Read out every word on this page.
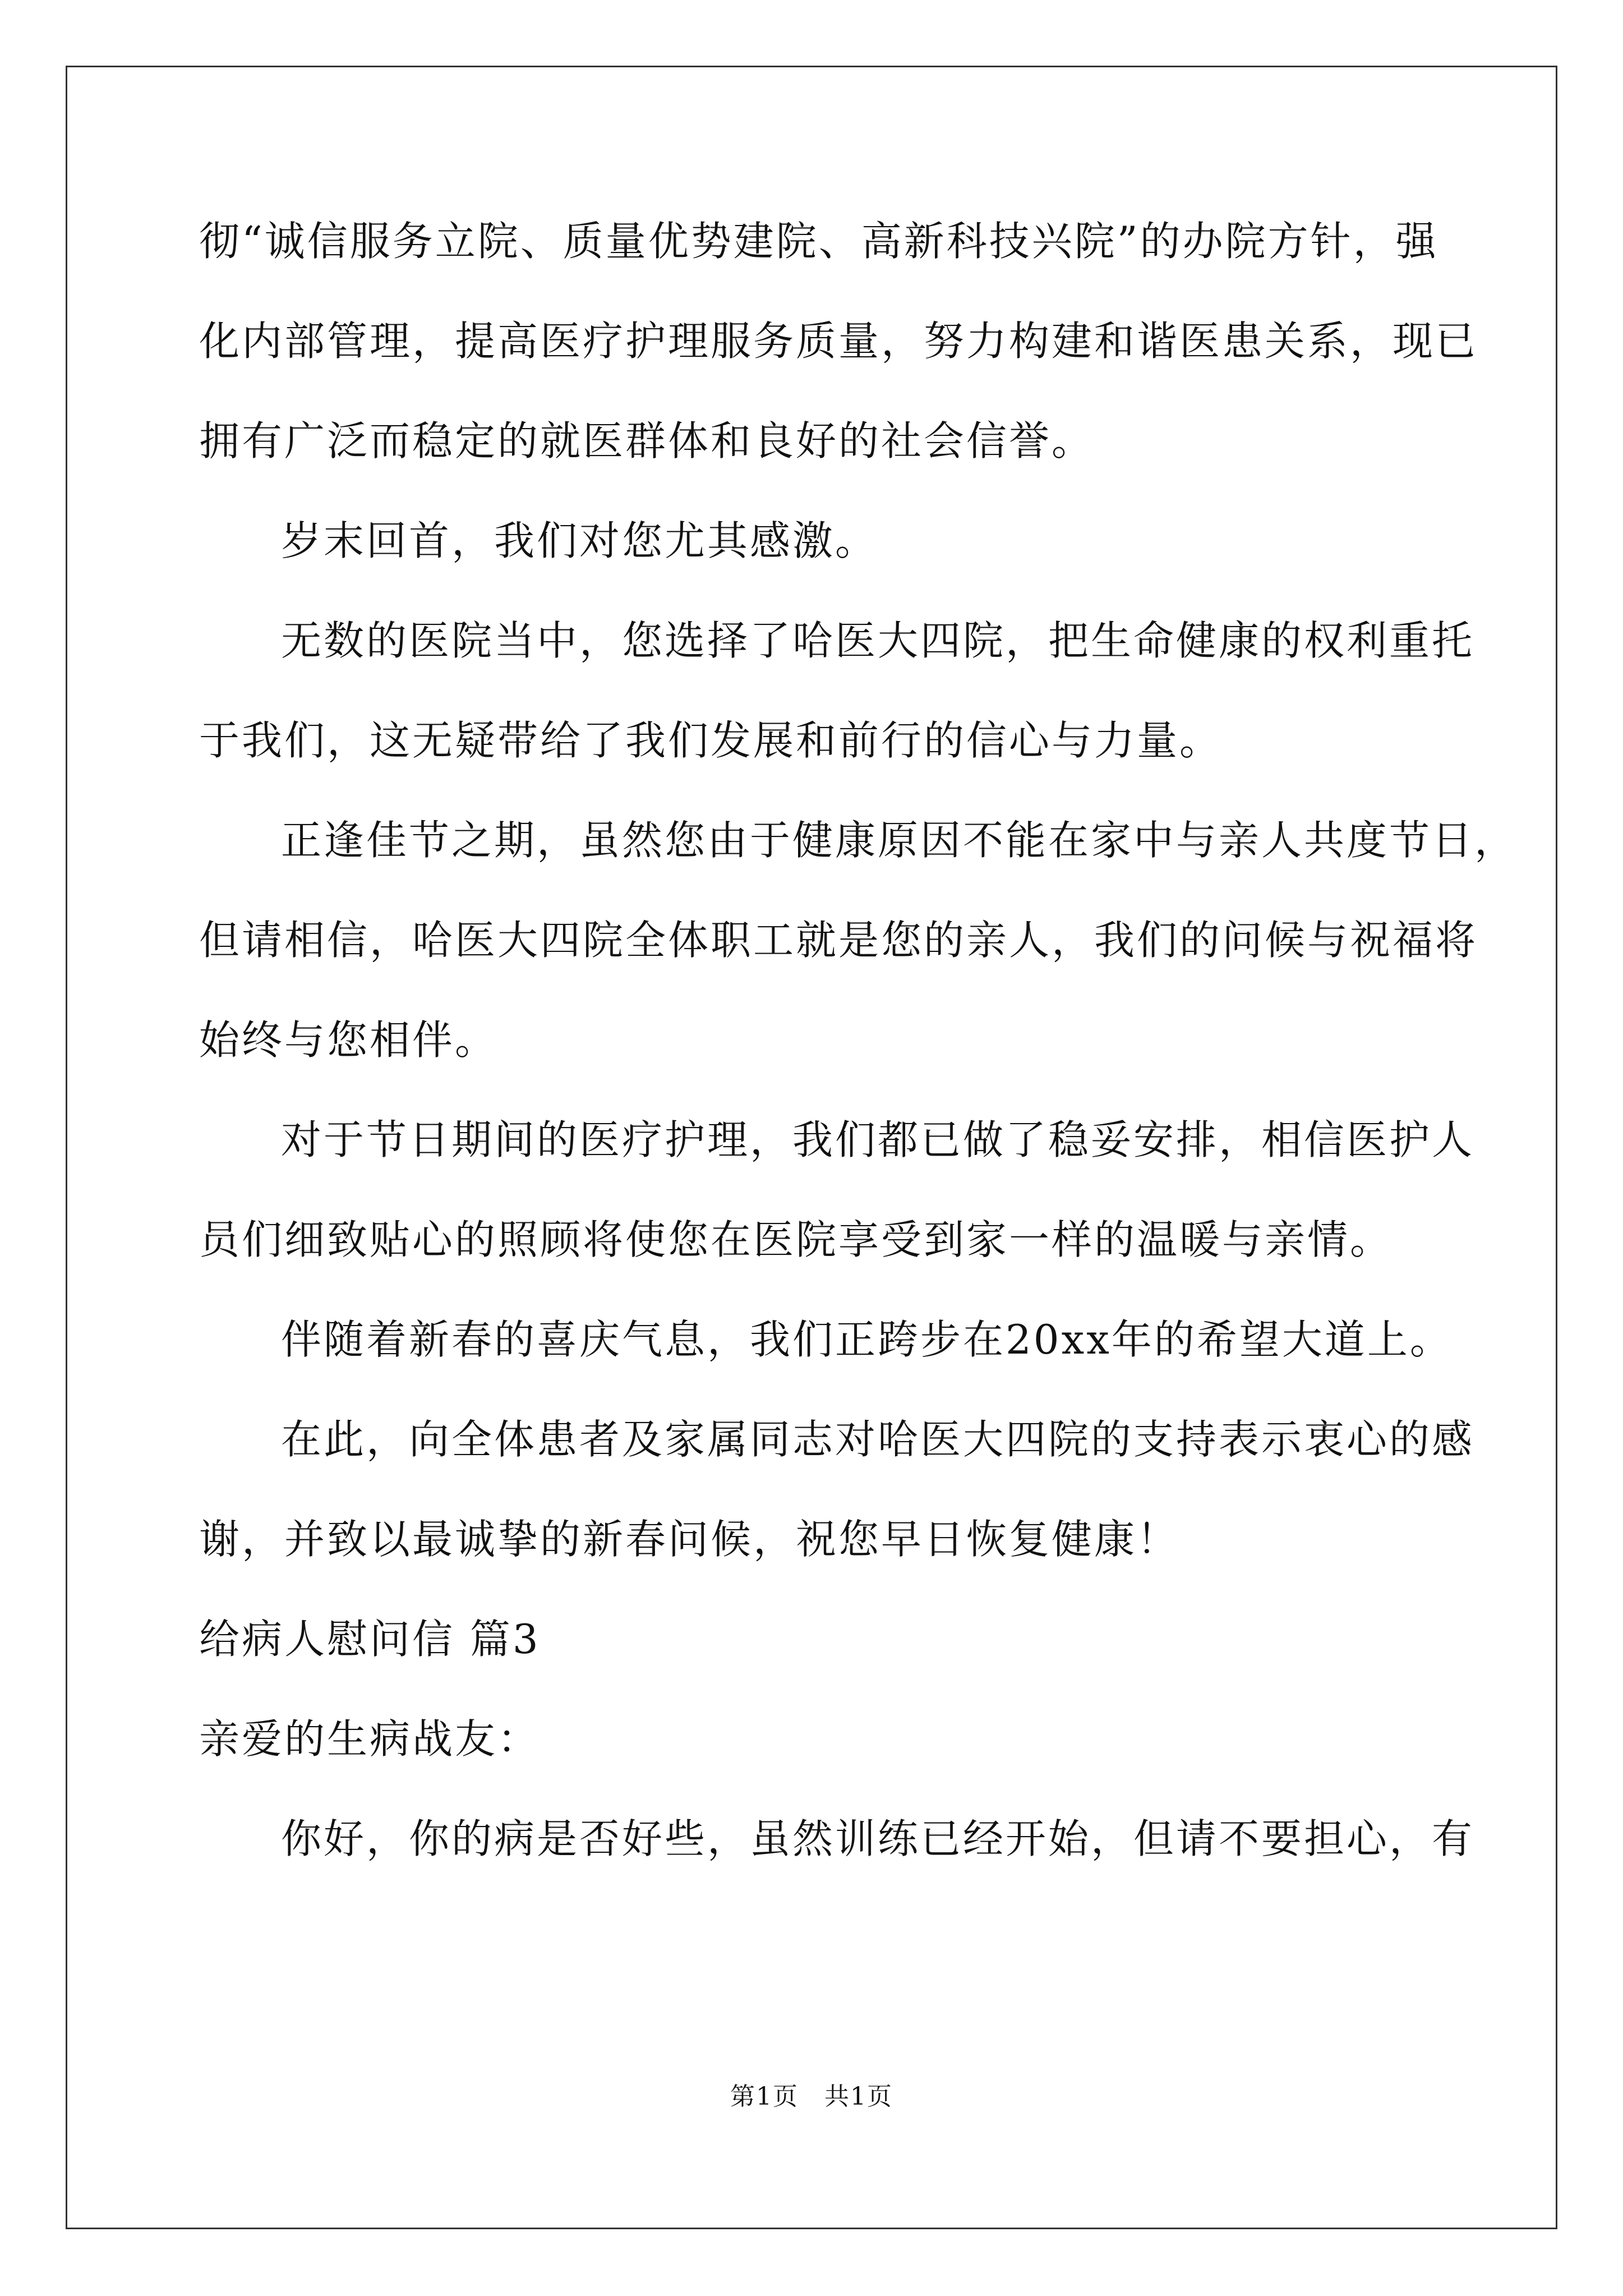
彻“诚信服务立院、质量优势建院、高新科技兴院”的办院方针，强
化内部管理，提高医疗护理服务质量，努力构建和谐医患关系，现已
拥有广泛而稳定的就医群体和良好的社会信誉。
岁末回首，我们对您尤其感激。
无数的医院当中，您选择了哈医大四院，把生命健康的权利重托
于我们，这无疑带给了我们发展和前行的信心与力量。
正逢佳节之期，虽然您由于健康原因不能在家中与亲人共度节日，
但请相信，哈医大四院全体职工就是您的亲人，我们的问候与祝福将
始终与您相伴。
对于节日期间的医疗护理，我们都已做了稳妥安排，相信医护人
员们细致贴心的照顾将使您在医院享受到家一样的温暖与亲情。
伴随着新春的喜庆气息，我们正跨步在20xx年的希望大道上。
在此，向全体患者及家属同志对哈医大四院的支持表示衷心的感
谢，并致以最诚挚的新春问候，祝您早日恢复健康！
给病人慰问信 篇3
亲爱的生病战友：
你好，你的病是否好些，虽然训练已经开始，但请不要担心，有
第1页　共1页
